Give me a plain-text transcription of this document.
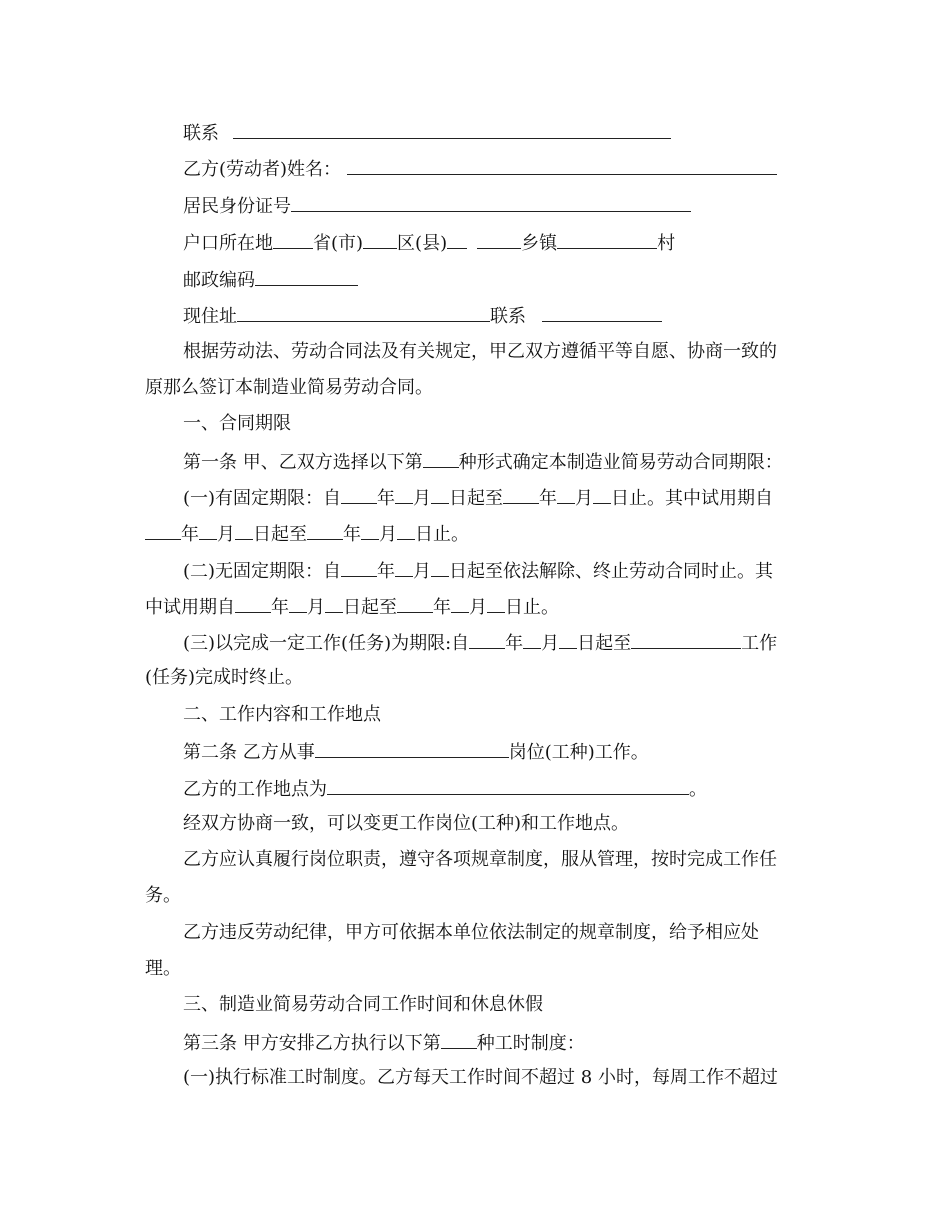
联系
乙方(劳动者)姓名：
居民身份证号
户口所在地 省(市) 区(县)	乡镇	村
邮政编码
现住址	联系
根据劳动法、劳动合同法及有关规定，甲乙双方遵循平等自愿、协商一致的
原那么签订本制造业简易劳动合同。
一、合同期限
第一条 甲、乙双方选择以下第 种形式确定本制造业简易劳动合同期限：
(一)有固定期限：自 年 月 日起至 年 月 日止。其中试用期自
年 月 日起至 年 月 日止。
(二)无固定期限：自 年 月 日起至依法解除、终止劳动合同时止。其
中试用期自 年 月 日起至 年 月 日止。
(三)以完成一定工作(任务)为期限:自 年 月 日起至	工作
(任务)完成时终止。
二、工作内容和工作地点
第二条 乙方从事	岗位(工种)工作。
乙方的工作地点为	。
经双方协商一致，可以变更工作岗位(工种)和工作地点。
乙方应认真履行岗位职责，遵守各项规章制度，服从管理，按时完成工作任
务。
乙方违反劳动纪律，甲方可依据本单位依法制定的规章制度，给予相应处
理。
三、制造业简易劳动合同工作时间和休息休假
第三条 甲方安排乙方执行以下第 种工时制度：
(一)执行标准工时制度。乙方每天工作时间不超过 8 小时，每周工作不超过
